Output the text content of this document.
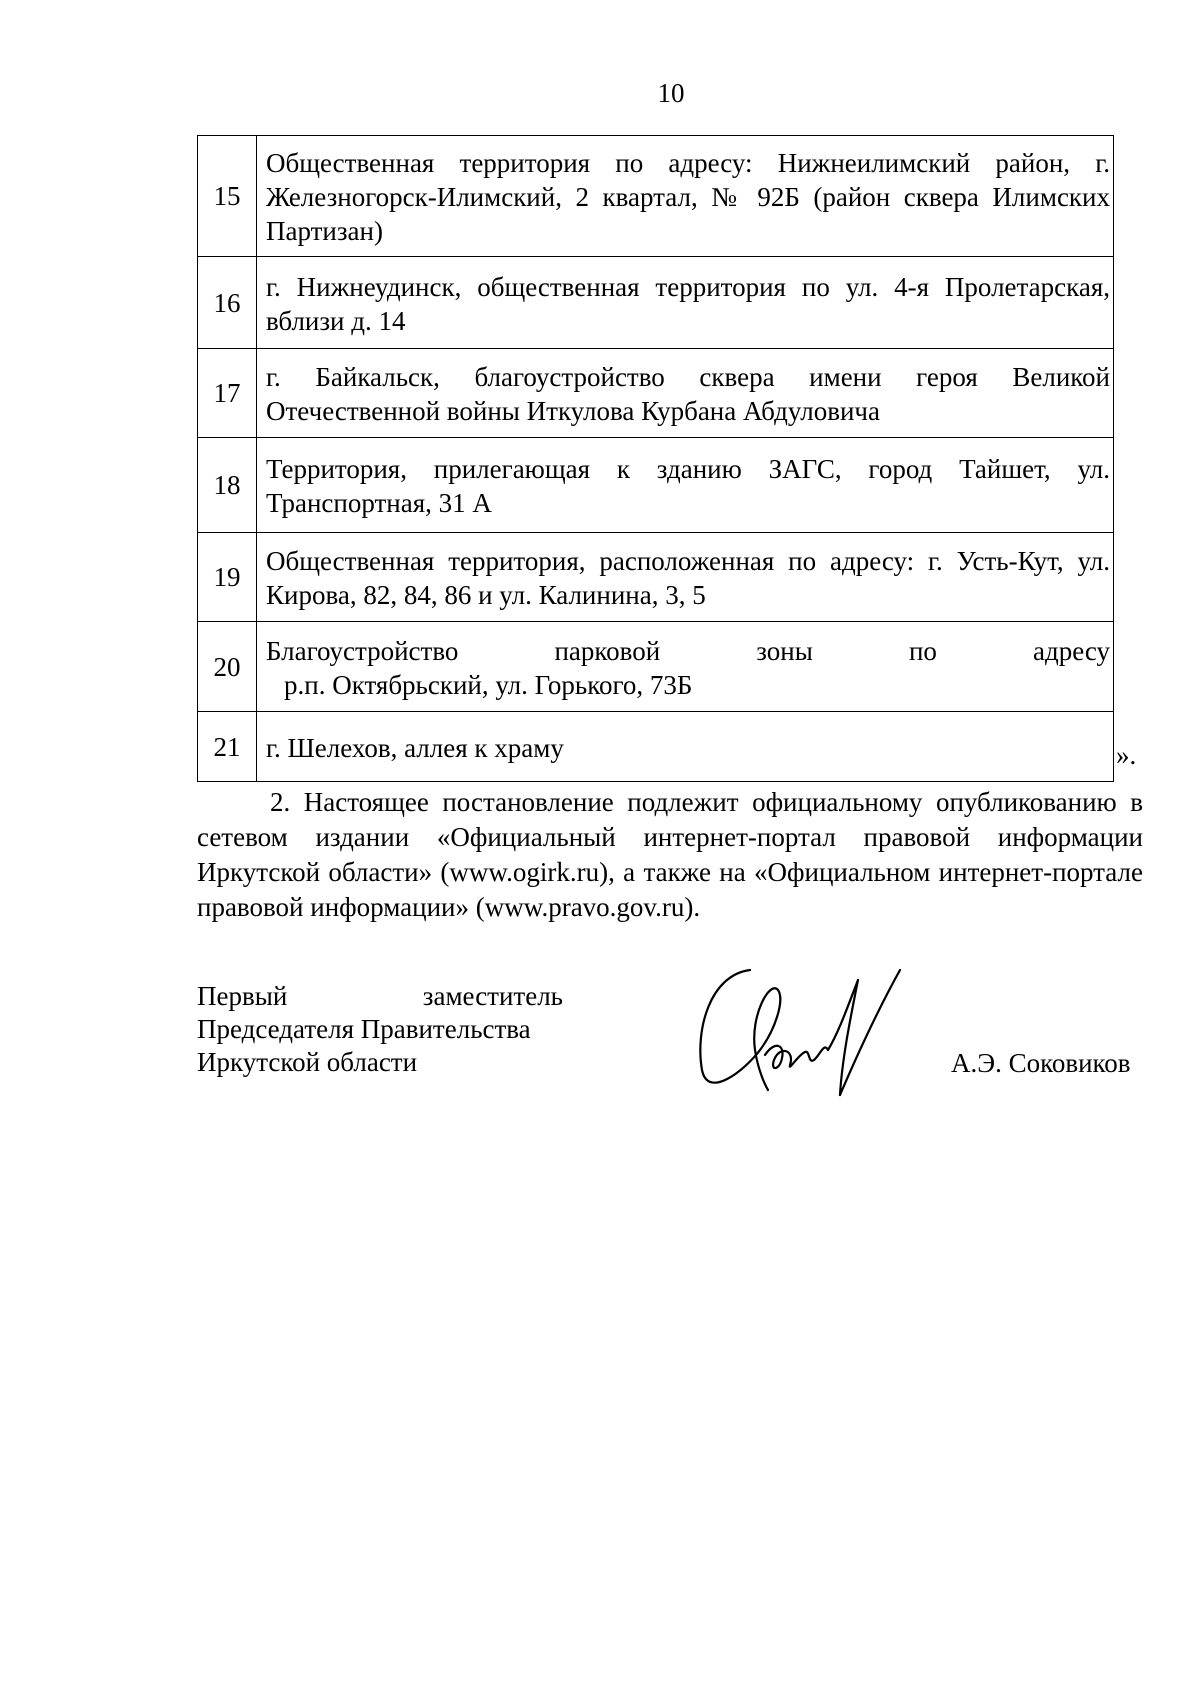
10
15	Общественная территория по адресу: Нижнеилимский район, г. Железногорск-Илимский, 2 квартал, № 92Б (район сквера Илимских Партизан)
16	г. Нижнеудинск, общественная территория по ул. 4-я Пролетарская, вблизи д. 14
17	г. Байкальск, благоустройство сквера имени героя Великой Отечественной войны Иткулова Курбана Абдуловича
18	Территория, прилегающая к зданию ЗАГС, город Тайшет, ул. Транспортная, 31 А
19	Общественная территория, расположенная по адресу: г. Усть-Кут, ул. Кирова, 82, 84, 86 и ул. Калинина, 3, 5
20	Благоустройство парковой зоны по адресу
р.п. Октябрьский, ул. Горького, 73Б

21	г. Шелехов, аллея к храму	».
2. Настоящее постановление подлежит официальному опубликованию в сетевом издании «Официальный интернет-портал правовой информации Иркутской области» (www.ogirk.ru), а также на «Официальном интернет-портале правовой информации» (www.pravo.gov.ru).
Первый заместитель
Председателя Правительства
Иркутской области	А.Э. Соковиков
